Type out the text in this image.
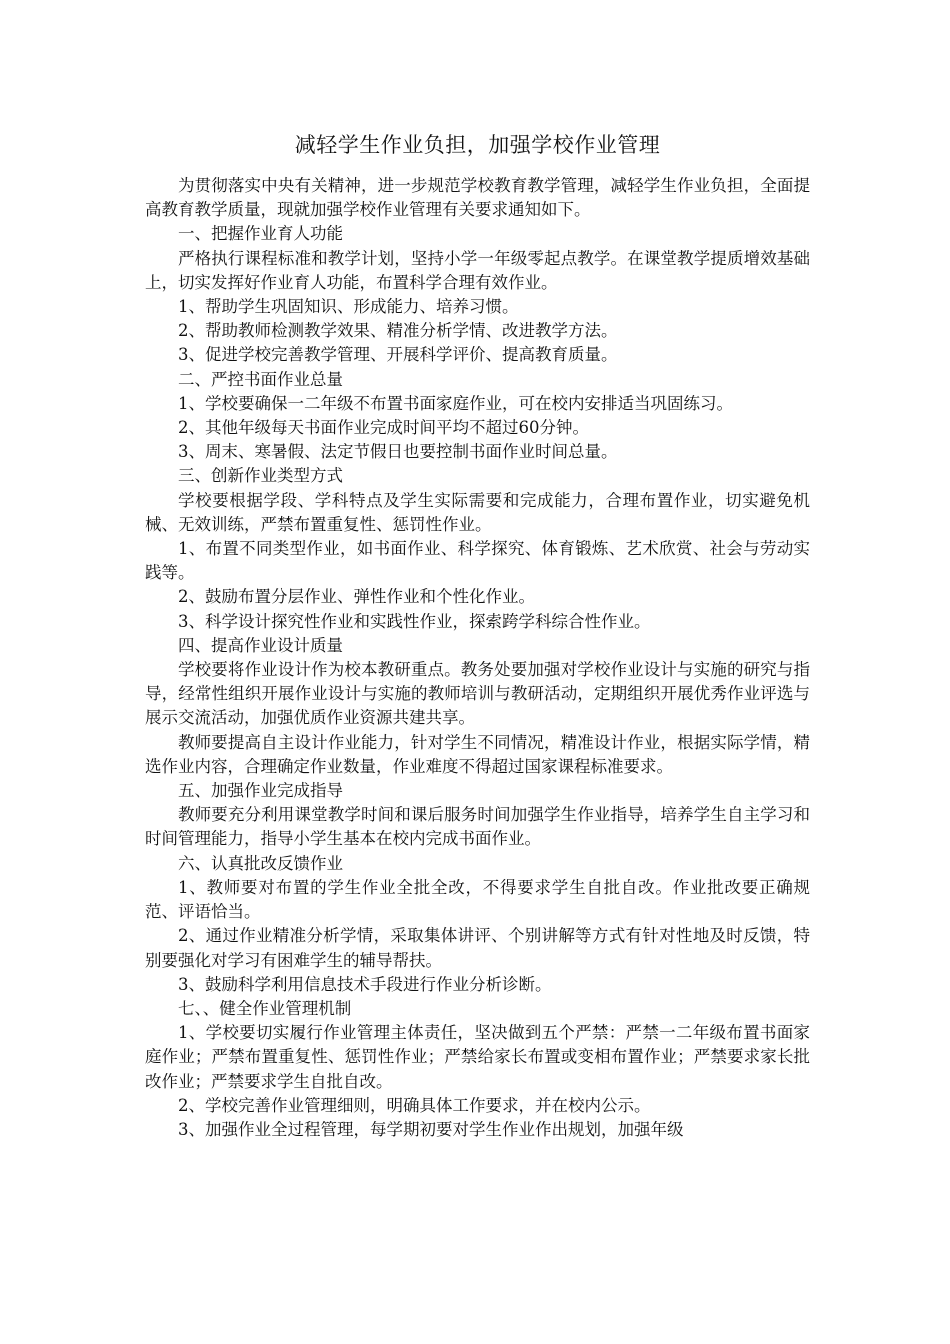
减轻学生作业负担，加强学校作业管理

为贯彻落实中央有关精神，进一步规范学校教育教学管理，减轻学生作业负担，全面提高教育教学质量，现就加强学校作业管理有关要求通知如下。

一、把握作业育人功能

严格执行课程标准和教学计划，坚持小学一年级零起点教学。在课堂教学提质增效基础上，切实发挥好作业育人功能，布置科学合理有效作业。

1、帮助学生巩固知识、形成能力、培养习惯。

2、帮助教师检测教学效果、精准分析学情、改进教学方法。

3、促进学校完善教学管理、开展科学评价、提高教育质量。

二、严控书面作业总量

1、学校要确保一二年级不布置书面家庭作业，可在校内安排适当巩固练习。

2、其他年级每天书面作业完成时间平均不超过60分钟。

3、周末、寒暑假、法定节假日也要控制书面作业时间总量。

三、创新作业类型方式

学校要根据学段、学科特点及学生实际需要和完成能力，合理布置作业，切实避免机械、无效训练，严禁布置重复性、惩罚性作业。

1、布置不同类型作业，如书面作业、科学探究、体育锻炼、艺术欣赏、社会与劳动实践等。

2、鼓励布置分层作业、弹性作业和个性化作业。

3、科学设计探究性作业和实践性作业，探索跨学科综合性作业。

四、提高作业设计质量

学校要将作业设计作为校本教研重点。教务处要加强对学校作业设计与实施的研究与指导，经常性组织开展作业设计与实施的教师培训与教研活动，定期组织开展优秀作业评选与展示交流活动，加强优质作业资源共建共享。

教师要提高自主设计作业能力，针对学生不同情况，精准设计作业，根据实际学情，精选作业内容，合理确定作业数量，作业难度不得超过国家课程标准要求。

五、加强作业完成指导

教师要充分利用课堂教学时间和课后服务时间加强学生作业指导，培养学生自主学习和时间管理能力，指导小学生基本在校内完成书面作业。

六、认真批改反馈作业

1、教师要对布置的学生作业全批全改，不得要求学生自批自改。作业批改要正确规范、评语恰当。

2、通过作业精准分析学情，采取集体讲评、个别讲解等方式有针对性地及时反馈，特别要强化对学习有困难学生的辅导帮扶。

3、鼓励科学利用信息技术手段进行作业分析诊断。

七、、健全作业管理机制

1、学校要切实履行作业管理主体责任，坚决做到五个严禁：严禁一二年级布置书面家庭作业；严禁布置重复性、惩罚性作业；严禁给家长布置或变相布置作业；严禁要求家长批改作业；严禁要求学生自批自改。

2、学校完善作业管理细则，明确具体工作要求，并在校内公示。

3、加强作业全过程管理，每学期初要对学生作业作出规划，加强年级
